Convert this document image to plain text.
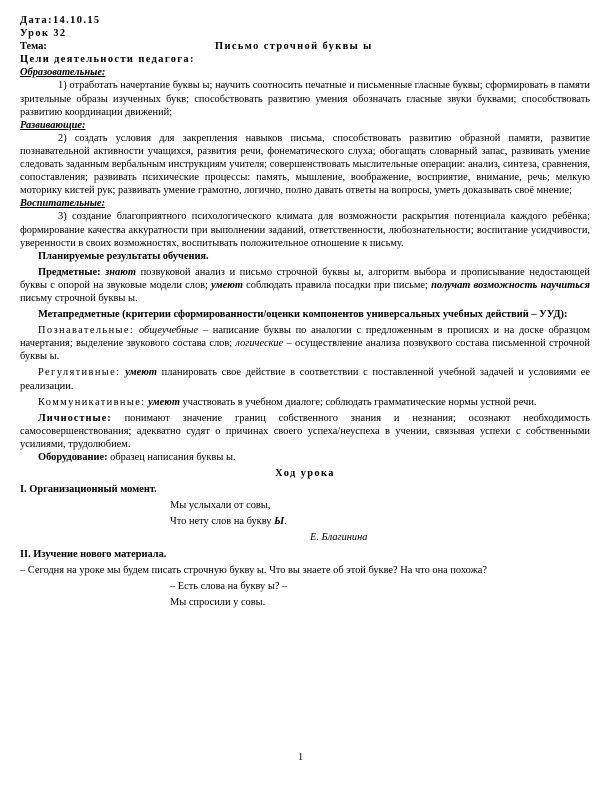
Дата:14.10.15

Урок 32

Тема:	Письмо строчной буквы ы

Цели деятельности педагога:

Образовательные:

1) отработать начертание буквы ы; научить соотносить печатные и письменные гласные буквы; сформировать в памяти зрительные образы изученных букв; способствовать развитию умения обозначать гласные звуки буквами; способствовать развитию координации движений;

Развивающие:

2) создать условия для закрепления навыков письма, способствовать развитию образной памяти, развитие познавательной активности учащихся, развития речи, фонематического слуха; обогащать словарный запас, развивать умение следовать заданным вербальным инструкциям учителя; совершенствовать мыслительные операции: анализ, синтеза, сравнения, сопоставления; развивать психические процессы: память, мышление, воображение, восприятие, внимание, речь; мелкую моторику кистей рук; развивать умение грамотно, логично, полно давать ответы на вопросы, уметь доказывать своё мнение;

Воспитательные:

3) создание благоприятного психологического климата для возможности раскрытия потенциала каждого ребёнка; формирование качества аккуратности при выполнении заданий, ответственности, любознательности; воспитание усидчивости, уверенности в своих возможностях, воспитывать положительное отношение к письму.

Планируемые результаты обучения.

Предметные: знают позвуковой анализ и письмо строчной буквы ы, алгоритм выбора и прописывание недостающей буквы с опорой на звуковые модели слов; умеют соблюдать правила посадки при письме; получат возможность научиться письму строчной буквы ы.

Метапредметные (критерии сформированности/оценки компонентов универсальных учебных действий – УУД):

Познавательные: общеучебные – написание буквы по аналогии с предложенным в прописях и на доске образцом начертания; выделение звукового состава слов; логические – осуществление анализа позвуквого состава письменной строчной буквы ы.

Регулятивные: умеют планировать свое действие в соответствии с поставленной учебной задачей и условиями ее реализации.

Коммуникативные: умеют участвовать в учебном диалоге; соблюдать грамматические нормы устной речи.

Личностные: понимают значение границ собственного знания и незнания; осознают необходимость самосовершенствования; адекватно судят о причинах своего успеха/неуспеха в учении, связывая успехи с собственными усилиями, трудолюбием.

Оборудование: образец написания буквы ы.

Ход урока

I. Организационный момент.

Мы услыхали от совы,

Что нету слов на букву Ы.

Е. Благинина

II. Изучение нового материала.

– Сегодня на уроке мы будем писать строчную букву ы. Что вы знаете об этой букве? На что она похожа?

– Есть слова на букву ы? –

Мы спросили у совы.

1
